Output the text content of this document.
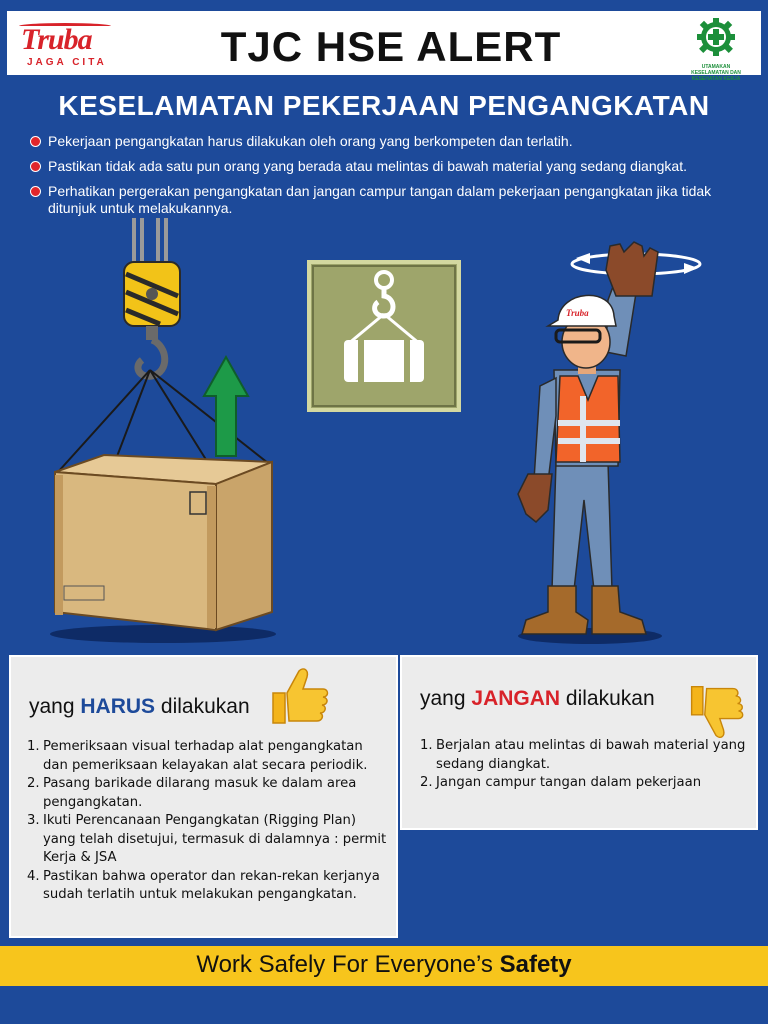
Truba
JAGA CITA	TJC HSE ALERT	UTAMAKAN KESELAMATAN DAN KESEHATAN KERJA
KESELAMATAN PEKERJAAN PENGANGKATAN
Pekerjaan pengangkatan harus dilakukan oleh orang yang berkompeten dan terlatih.
Pastikan tidak ada satu pun orang yang berada atau melintas di bawah material yang sedang diangkat.
Perhatikan pergerakan pengangkatan dan jangan campur tangan dalam pekerjaan pengangkatan jika tidak ditunjuk untuk melakukannya.
Truba
yang HARUS dilakukan
1. Pemeriksaan visual terhadap alat pengangkatan dan pemeriksaan kelayakan alat secara periodik.
2. Pasang barikade dilarang masuk ke dalam area pengangkatan.
3. Ikuti Perencanaan Pengangkatan (Rigging Plan) yang telah disetujui, termasuk di dalamnya : permit Kerja & JSA
4. Pastikan bahwa operator dan rekan-rekan kerjanya sudah terlatih untuk melakukan pengangkatan.
yang JANGAN dilakukan
1. Berjalan atau melintas di bawah material yang sedang diangkat.
2. Jangan campur tangan dalam pekerjaan
Work Safely For Everyone’s Safety
